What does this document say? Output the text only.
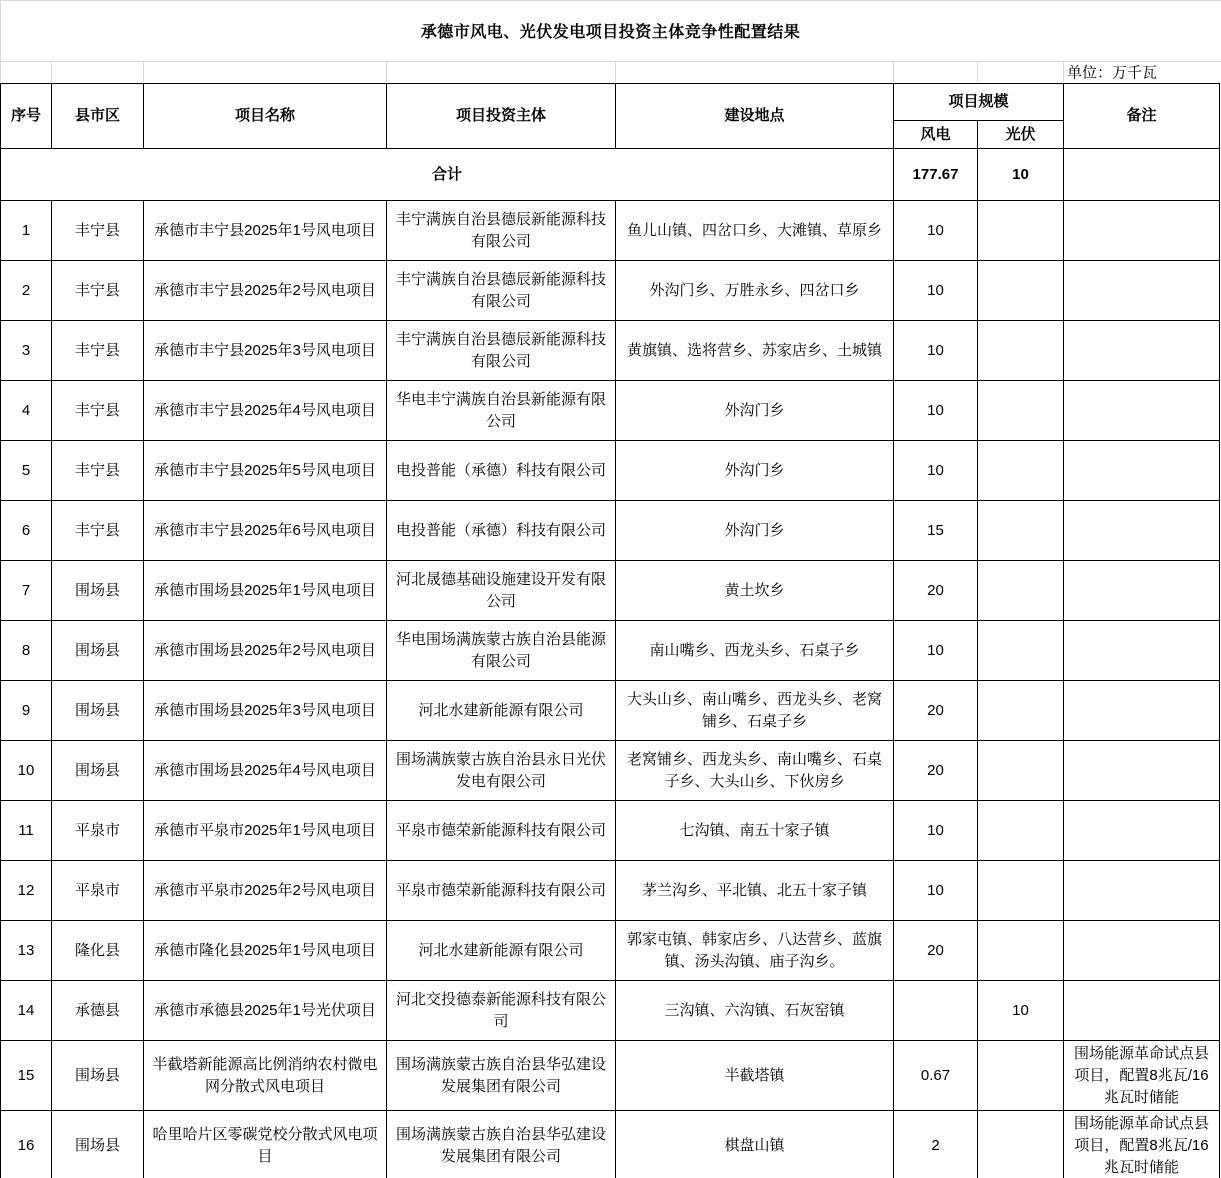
承德市风电、光伏发电项目投资主体竞争性配置结果
单位：万千瓦
序号	县市区	项目名称	项目投资主体	建设地点	项目规模		备注
					风电	光伏	
合计					177.67	10	
1	丰宁县	承德市丰宁县2025年1号风电项目	丰宁满族自治县德辰新能源科技有限公司	鱼儿山镇、四岔口乡、大滩镇、草原乡	10		
2	丰宁县	承德市丰宁县2025年2号风电项目	丰宁满族自治县德辰新能源科技有限公司	外沟门乡、万胜永乡、四岔口乡	10		
3	丰宁县	承德市丰宁县2025年3号风电项目	丰宁满族自治县德辰新能源科技有限公司	黄旗镇、选将营乡、苏家店乡、土城镇	10		
4	丰宁县	承德市丰宁县2025年4号风电项目	华电丰宁满族自治县新能源有限公司	外沟门乡	10		
5	丰宁县	承德市丰宁县2025年5号风电项目	电投普能（承德）科技有限公司	外沟门乡	10		
6	丰宁县	承德市丰宁县2025年6号风电项目	电投普能（承德）科技有限公司	外沟门乡	15		
7	围场县	承德市围场县2025年1号风电项目	河北晟德基础设施建设开发有限公司	黄土坎乡	20		
8	围场县	承德市围场县2025年2号风电项目	华电围场满族蒙古族自治县能源有限公司	南山嘴乡、西龙头乡、石桌子乡	10		
9	围场县	承德市围场县2025年3号风电项目	河北水建新能源有限公司	大头山乡、南山嘴乡、西龙头乡、老窝铺乡、石桌子乡	20		
10	围场县	承德市围场县2025年4号风电项目	围场满族蒙古族自治县永日光伏发电有限公司	老窝铺乡、西龙头乡、南山嘴乡、石桌子乡、大头山乡、下伙房乡	20		
11	平泉市	承德市平泉市2025年1号风电项目	平泉市德荣新能源科技有限公司	七沟镇、南五十家子镇	10		
12	平泉市	承德市平泉市2025年2号风电项目	平泉市德荣新能源科技有限公司	茅兰沟乡、平北镇、北五十家子镇	10		
13	隆化县	承德市隆化县2025年1号风电项目	河北水建新能源有限公司	郭家屯镇、韩家店乡、八达营乡、蓝旗镇、汤头沟镇、庙子沟乡。	20		
14	承德县	承德市承德县2025年1号光伏项目	河北交投德泰新能源科技有限公司	三沟镇、六沟镇、石灰窑镇		10	
15	围场县	半截塔新能源高比例消纳农村微电网分散式风电项目	围场满族蒙古族自治县华弘建设发展集团有限公司	半截塔镇	0.67		围场能源革命试点县项目，配置8兆瓦/16兆瓦时储能
16	围场县	哈里哈片区零碳党校分散式风电项目	围场满族蒙古族自治县华弘建设发展集团有限公司	棋盘山镇	2		围场能源革命试点县项目，配置8兆瓦/16兆瓦时储能
